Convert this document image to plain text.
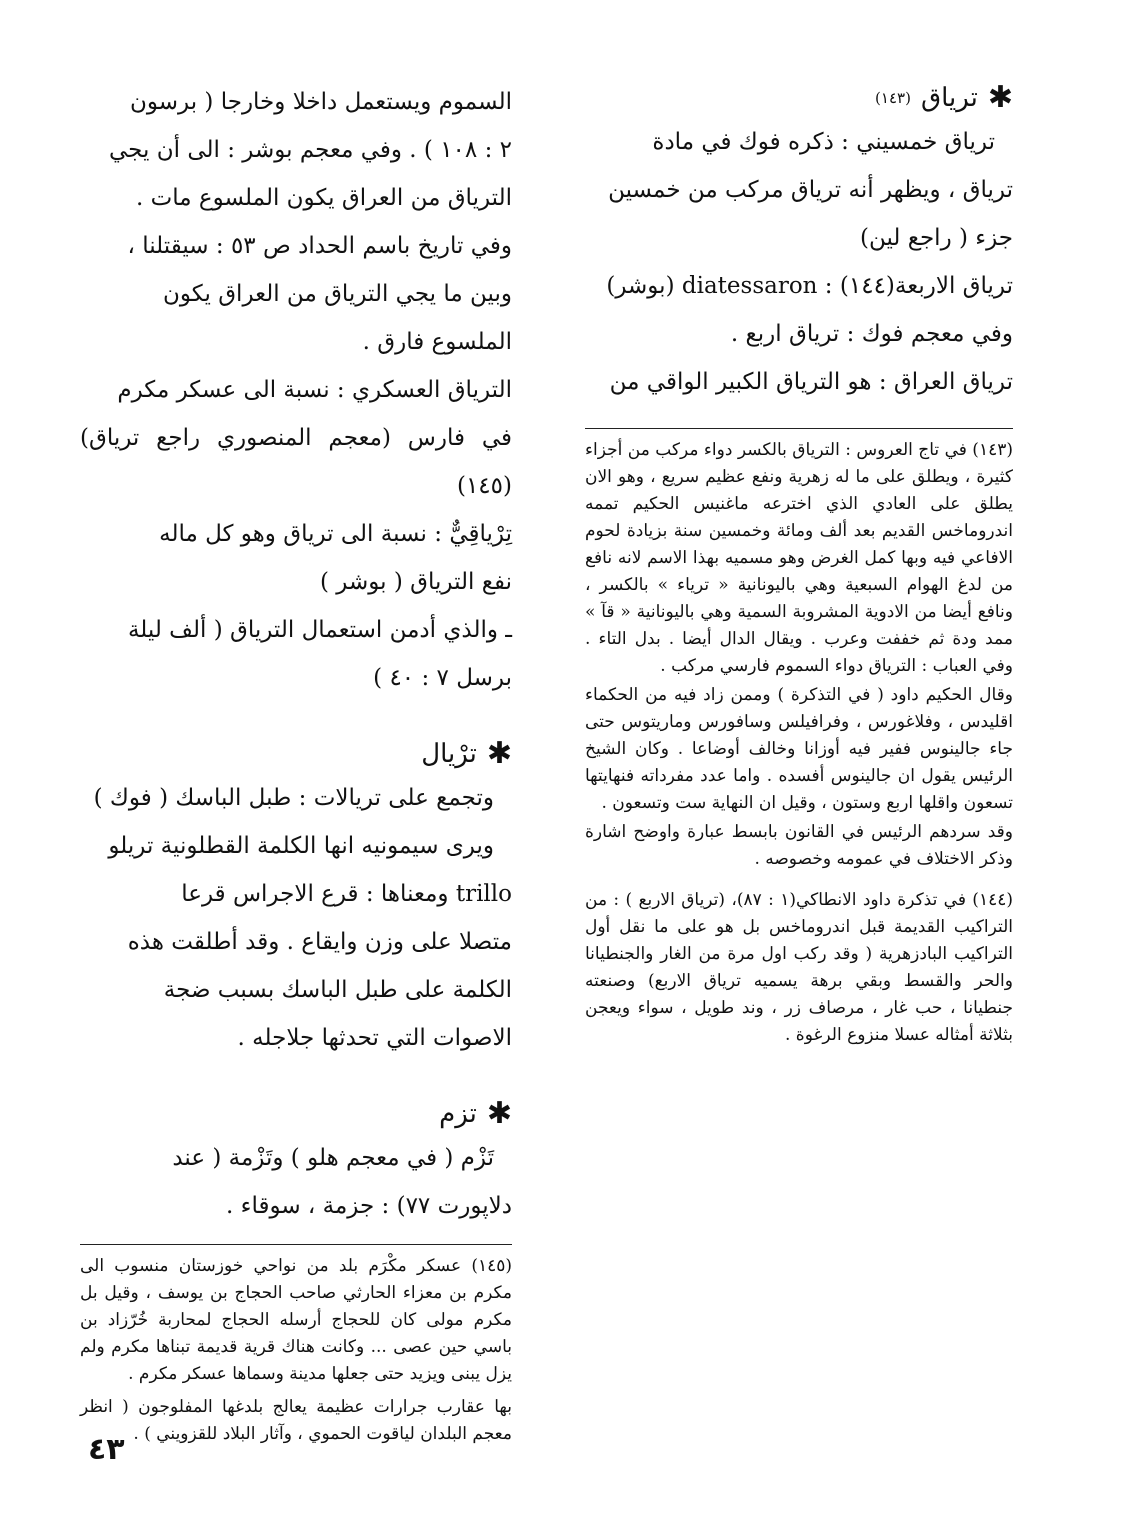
✱
ترياق
(١٤٣)

ترياق خمسيني : ذكره فوك في مادة

ترياق ، ويظهر أنه ترياق مركب من خمسين

جزء ( راجع لين)

تریاق الاربعة(١٤٤) : diatessaron (بوشر)

وفي معجم فوك : ترياق اربع .

ترياق العراق : هو الترياق الكبير الواقي من

(١٤٣) في تاج العروس : الترياق بالكسر دواء مركب من أجزاء كثيرة ، ويطلق على ما له زهرية ونفع عظيم سريع ، وهو الان يطلق على العادي الذي اخترعه ماغنيس الحكيم تممه اندروماخس القديم بعد ألف ومائة وخمسين سنة بزيادة لحوم الافاعي فيه وبها كمل الغرض وهو مسميه بهذا الاسم لانه نافع من لدغ الهوام السبعية وهي باليونانية « ترياء » بالكسر ، ونافع أيضا من الادوية المشروبة السمية وهي باليونانية « قآ » ممد ودة ثم خففت وعرب . ويقال الدال أيضا . بدل التاء . وفي العباب : الترياق دواء السموم فارسي مركب .

وقال الحكيم داود ( في التذكرة ) وممن زاد فيه من الحكماء اقليدس ، وفلاغورس ، وفرافيلس وسافورس وماريتوس حتى جاء جالينوس ففير فيه أوزانا وخالف أوضاعا . وكان الشيخ الرئيس يقول ان جالينوس أفسده . واما عدد مفرداته فنهايتها تسعون واقلها اربع وستون ، وقيل ان النهاية ست وتسعون .

وقد سردهم الرئيس في القانون بابسط عبارة واوضح اشارة وذكر الاختلاف في عمومه وخصوصه .

(١٤٤) في تذكرة داود الانطاكي(١ : ٨٧)، (ترياق الاربع ) : من التراكيب القديمة قبل اندروماخس بل هو على ما نقل أول التراكيب البادزهرية ( وقد ركب اول مرة من الغار والجنطيانا والحر والقسط وبقي برهة يسميه ترياق الاربع) وصنعته جنطيانا ، حب غار ، مرصاف زر ، وند طويل ، سواء ويعجن بثلاثة أمثاله عسلا منزوع الرغوة .

السموم ويستعمل داخلا وخارجا ( برسون

٢ : ١٠٨ ) . وفي معجم بوشر : الى أن يجي

الترياق من العراق يكون الملسوع مات .

وفي تاريخ باسم الحداد ص ٥٣ : سيقتلنا ،

وبين ما يجي الترياق من العراق يكون

الملسوع فارق .

الترياق العسكري : نسبة الى عسكر مكرم

في فارس (معجم المنصوري راجع ترياق)(١٤٥)

تِرْياقِيٌّ : نسبة الى ترياق وهو كل ماله

نفع الترياق ( بوشر )

ـ والذي أدمن استعمال الترياق ( ألف ليلة

برسل ٧ : ٤٠ )

✱
ترْيال

وتجمع على تريالات : طبل الباسك ( فوك )

ويرى سيمونيه انها الكلمة القطلونية تريلو

trillo ومعناها : قرع الاجراس قرعا

متصلا على وزن وايقاع . وقد أطلقت هذه

الكلمة على طبل الباسك بسبب ضجة

الاصوات التي تحدثها جلاجله .

✱
تزم

تَزْم ( في معجم هلو ) وتَزْمة ( عند

دلاپورت ٧٧) : جزمة ، سوقاء .

(١٤٥) عسكر مكْرَم بلد من نواحي خوزستان منسوب الى مكرم بن معزاء الحارثي صاحب الحجاج بن يوسف ، وقيل بل مكرم مولى كان للحجاج أرسله الحجاج لمحاربة خُرّزاد بن باسي حين عصى ... وكانت هناك قرية قديمة تبناها مكرم ولم يزل يبنى ويزيد حتى جعلها مدينة وسماها عسكر مكرم .

بها عقارب جرارات عظيمة يعالج بلدغها المفلوجون ( انظر معجم البلدان لياقوت الحموي ، وآثار البلاد للقزويني ) .

٤٣
